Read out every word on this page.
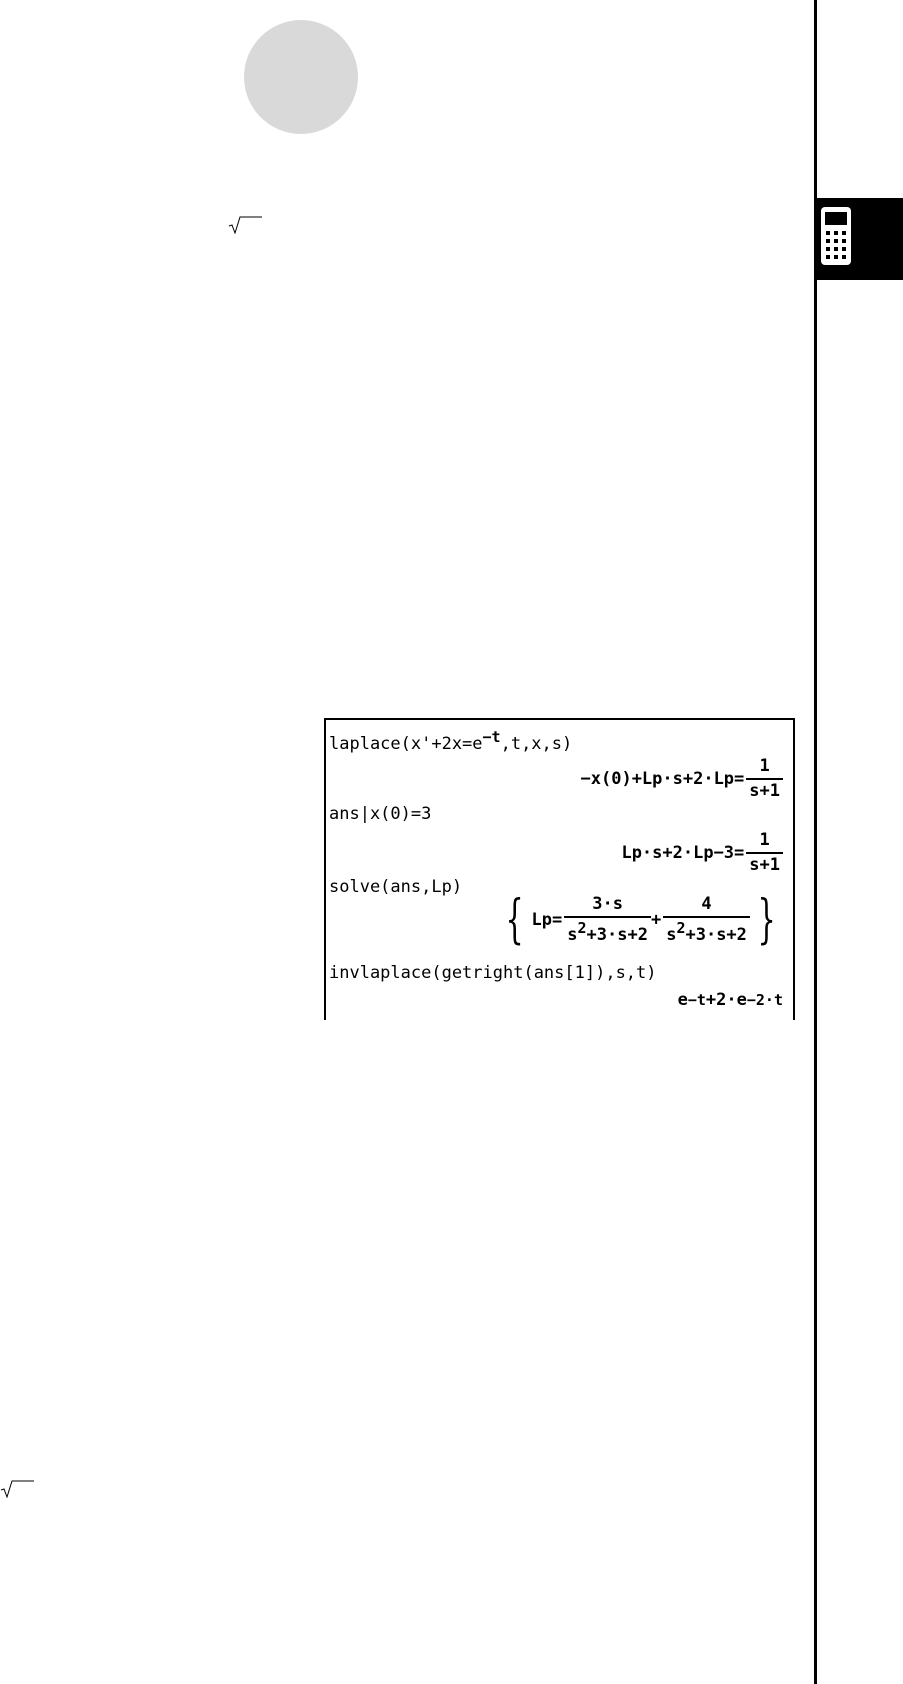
$laplace(x'+2x=e^{-t},t,x,s)$
$-x(0)+Lp\cdot s+2\cdot Lp= \frac{1}{s+1}$
ans|x(0)=3
$Lp\cdot s+2\cdot Lp-3= \frac{1}{s+1}$
solve(ans,Lp)
{ $Lp= \frac{3\cdot s}{s^2+3\cdot s+2} + \frac{4}{s^2+3\cdot s+2}$ }
invlaplace(getright(ans[1]),s,t)
e −t +2·e −2·t
